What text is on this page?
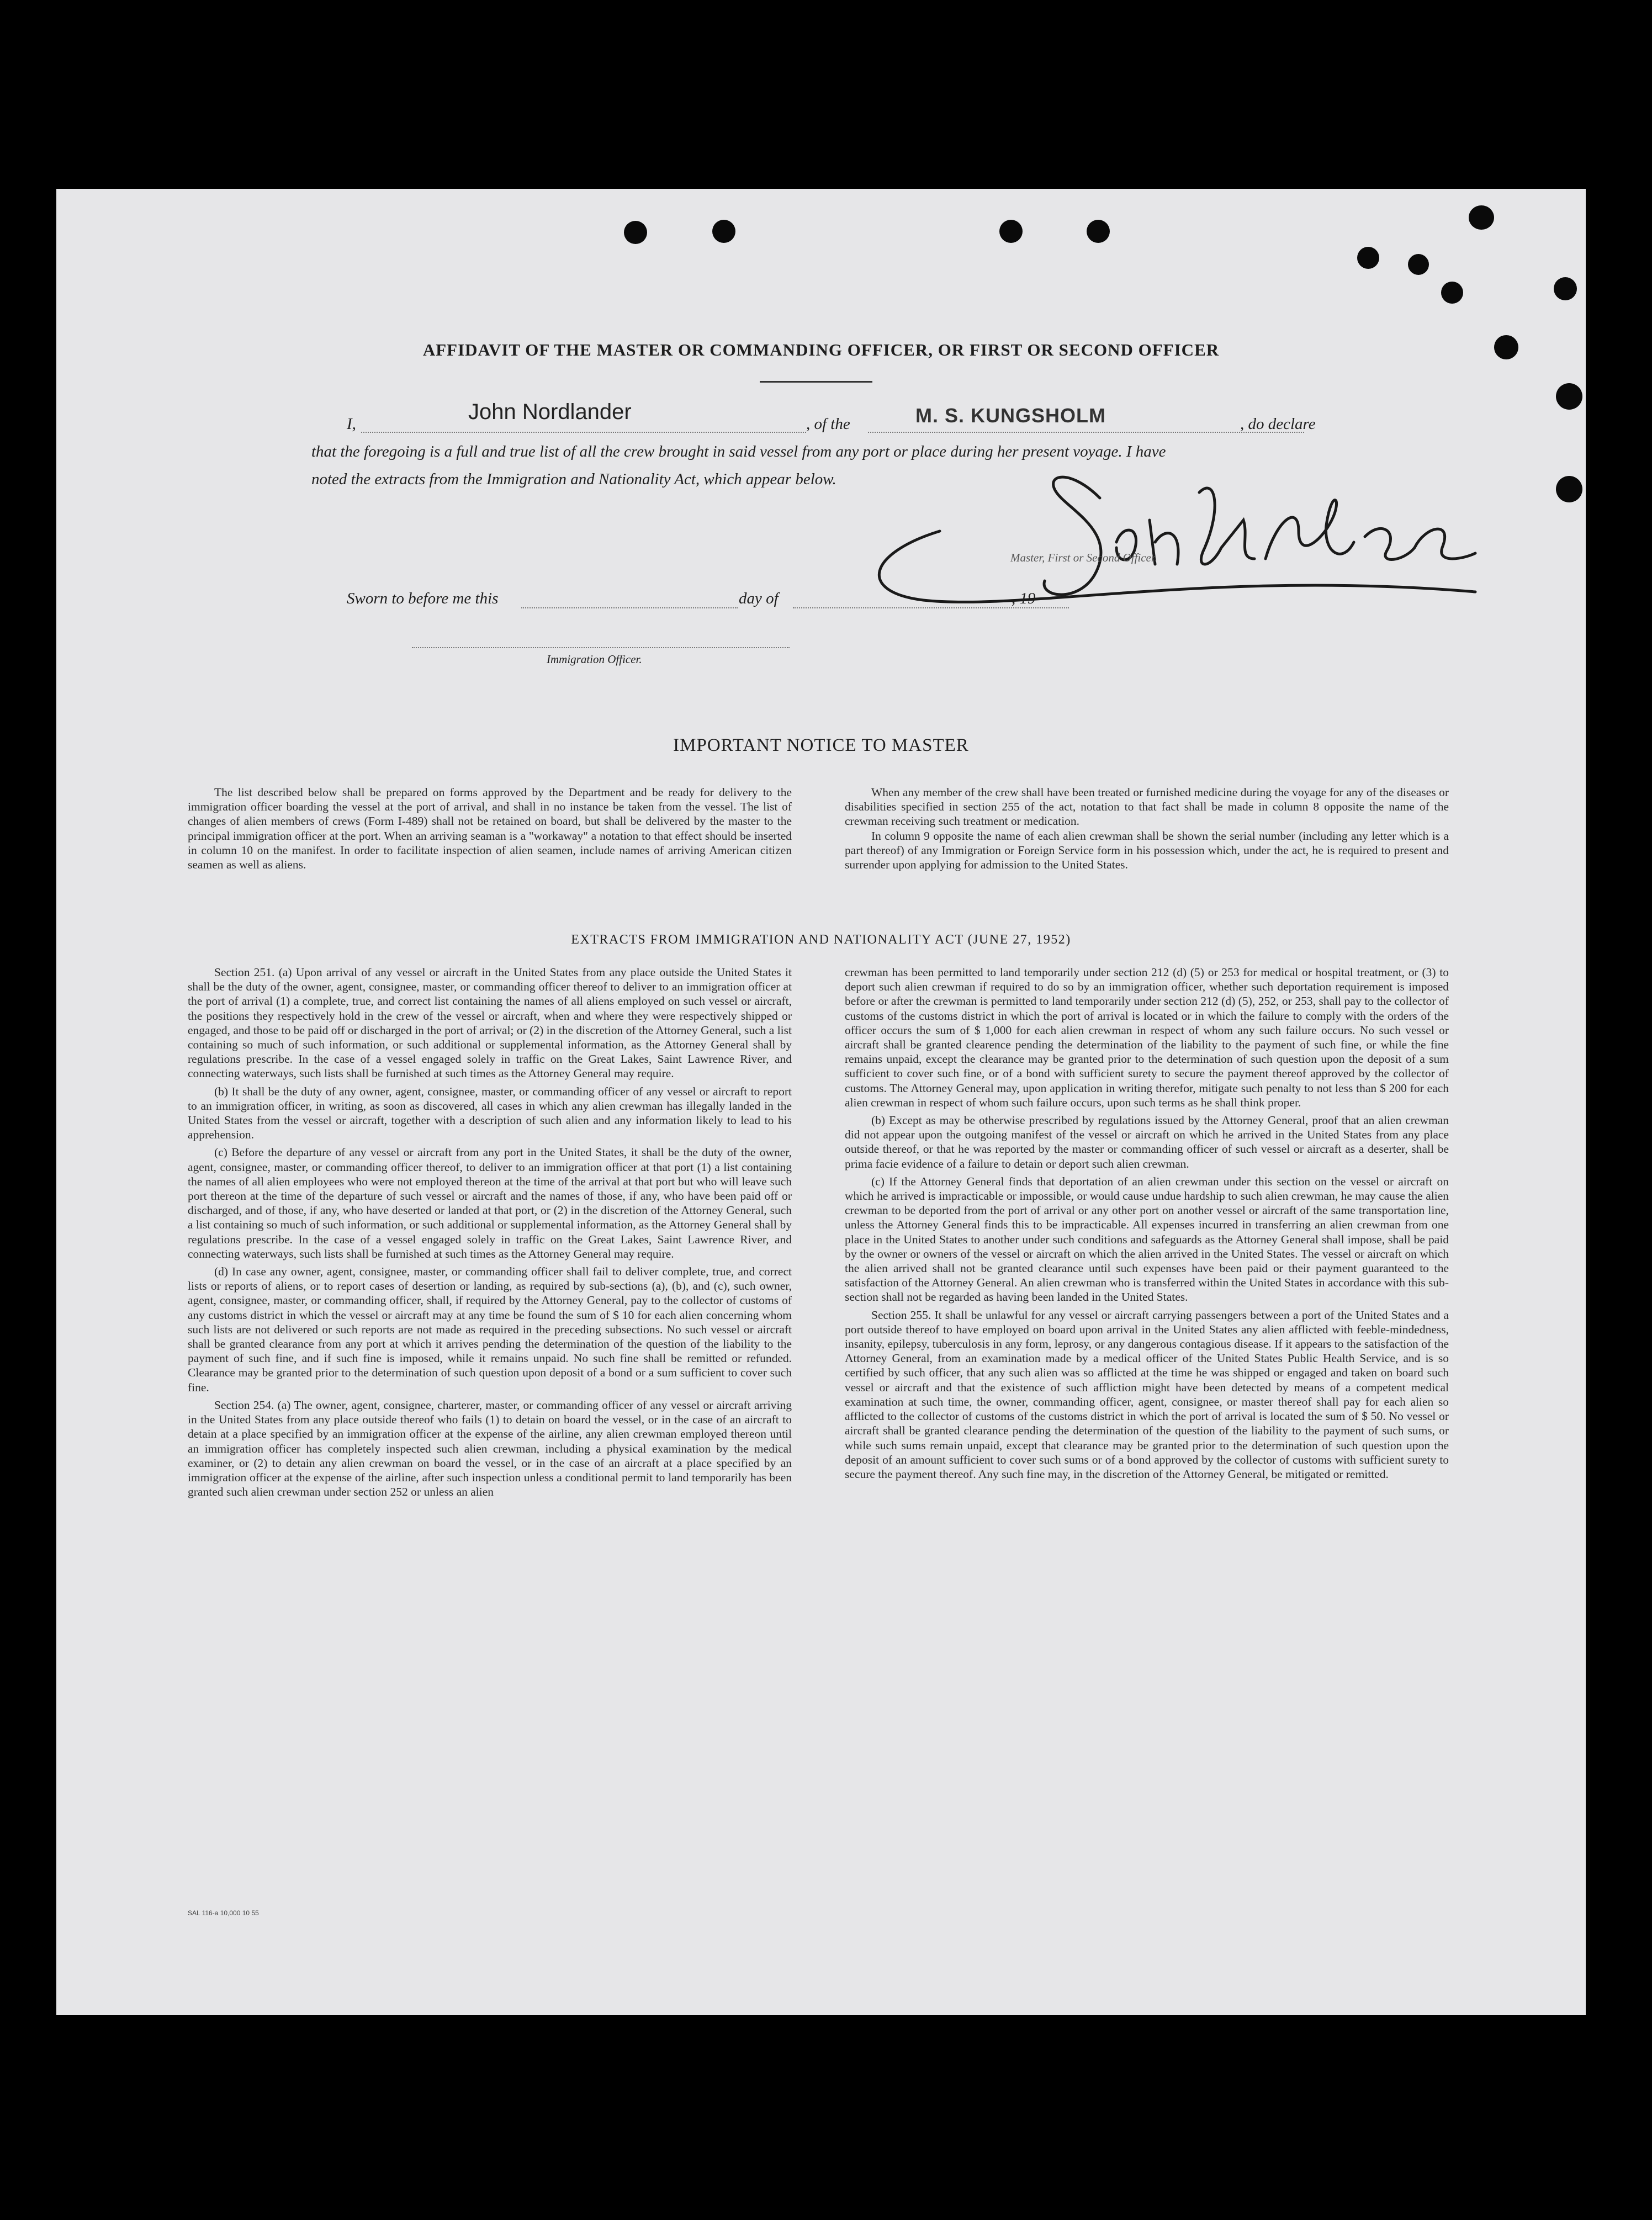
AFFIDAVIT OF THE MASTER OR COMMANDING OFFICER, OR FIRST OR SECOND OFFICER
I,	John Nordlander	, of the	M. S. KUNGSHOLM	, do declare
that the foregoing is a full and true list of all the crew brought in said vessel from any port or place during her present voyage. I have
noted the extracts from the Immigration and Nationality Act, which appear below.
Master, First or Second Officer.
Sworn to before me this	day of	, 19
Immigration Officer.
IMPORTANT NOTICE TO MASTER

The list described below shall be prepared on forms approved by the Department and be ready for delivery to the immigration officer boarding the vessel at the port of arrival, and shall in no instance be taken from the vessel. The list of changes of alien members of crews (Form I-489) shall not be retained on board, but shall be delivered by the master to the principal immigration officer at the port. When an arriving seaman is a "workaway" a notation to that effect should be inserted in column 10 on the manifest. In order to facilitate inspection of alien seamen, include names of arriving American citizen seamen as well as aliens.

When any member of the crew shall have been treated or furnished medicine during the voyage for any of the diseases or disabilities specified in section 255 of the act, notation to that fact shall be made in column 8 opposite the name of the crewman receiving such treatment or medication.

In column 9 opposite the name of each alien crewman shall be shown the serial number (including any letter which is a part thereof) of any Immigration or Foreign Service form in his possession which, under the act, he is required to present and surrender upon applying for admission to the United States.

EXTRACTS FROM IMMIGRATION AND NATIONALITY ACT (JUNE 27, 1952)

Section 251. (a) Upon arrival of any vessel or aircraft in the United States from any place outside the United States it shall be the duty of the owner, agent, consignee, master, or commanding officer thereof to deliver to an immigration officer at the port of arrival (1) a complete, true, and correct list containing the names of all aliens employed on such vessel or aircraft, the positions they respectively hold in the crew of the vessel or aircraft, when and where they were respectively shipped or engaged, and those to be paid off or discharged in the port of arrival; or (2) in the discretion of the Attorney General, such a list containing so much of such information, or such additional or supplemental information, as the Attorney General shall by regulations prescribe. In the case of a vessel engaged solely in traffic on the Great Lakes, Saint Lawrence River, and connecting waterways, such lists shall be furnished at such times as the Attorney General may require.

(b) It shall be the duty of any owner, agent, consignee, master, or commanding officer of any vessel or aircraft to report to an immigration officer, in writing, as soon as discovered, all cases in which any alien crewman has illegally landed in the United States from the vessel or aircraft, together with a description of such alien and any information likely to lead to his apprehension.

(c) Before the departure of any vessel or aircraft from any port in the United States, it shall be the duty of the owner, agent, consignee, master, or commanding officer thereof, to deliver to an immigration officer at that port (1) a list containing the names of all alien employees who were not employed thereon at the time of the arrival at that port but who will leave such port thereon at the time of the departure of such vessel or aircraft and the names of those, if any, who have been paid off or discharged, and of those, if any, who have deserted or landed at that port, or (2) in the discretion of the Attorney General, such a list containing so much of such information, or such additional or supplemental information, as the Attorney General shall by regulations prescribe. In the case of a vessel engaged solely in traffic on the Great Lakes, Saint Lawrence River, and connecting waterways, such lists shall be furnished at such times as the Attorney General may require.

(d) In case any owner, agent, consignee, master, or commanding officer shall fail to deliver complete, true, and correct lists or reports of aliens, or to report cases of desertion or landing, as required by sub-sections (a), (b), and (c), such owner, agent, consignee, master, or commanding officer, shall, if required by the Attorney General, pay to the collector of customs of any customs district in which the vessel or aircraft may at any time be found the sum of $ 10 for each alien concerning whom such lists are not delivered or such reports are not made as required in the preceding subsections. No such vessel or aircraft shall be granted clearance from any port at which it arrives pending the determination of the question of the liability to the payment of such fine, and if such fine is imposed, while it remains unpaid. No such fine shall be remitted or refunded. Clearance may be granted prior to the determination of such question upon deposit of a bond or a sum sufficient to cover such fine.

Section 254. (a) The owner, agent, consignee, charterer, master, or commanding officer of any vessel or aircraft arriving in the United States from any place outside thereof who fails (1) to detain on board the vessel, or in the case of an aircraft to detain at a place specified by an immigration officer at the expense of the airline, any alien crewman employed thereon until an immigration officer has completely inspected such alien crewman, including a physical examination by the medical examiner, or (2) to detain any alien crewman on board the vessel, or in the case of an aircraft at a place specified by an immigration officer at the expense of the airline, after such inspection unless a conditional permit to land temporarily has been granted such alien crewman under section 252 or unless an alien

crewman has been permitted to land temporarily under section 212 (d) (5) or 253 for medical or hospital treatment, or (3) to deport such alien crewman if required to do so by an immigration officer, whether such deportation requirement is imposed before or after the crewman is permitted to land temporarily under section 212 (d) (5), 252, or 253, shall pay to the collector of customs of the customs district in which the port of arrival is located or in which the failure to comply with the orders of the officer occurs the sum of $ 1,000 for each alien crewman in respect of whom any such failure occurs. No such vessel or aircraft shall be granted clearence pending the determination of the liability to the payment of such fine, or while the fine remains unpaid, except the clearance may be granted prior to the determination of such question upon the deposit of a sum sufficient to cover such fine, or of a bond with sufficient surety to secure the payment thereof approved by the collector of customs. The Attorney General may, upon application in writing therefor, mitigate such penalty to not less than $ 200 for each alien crewman in respect of whom such failure occurs, upon such terms as he shall think proper.

(b) Except as may be otherwise prescribed by regulations issued by the Attorney General, proof that an alien crewman did not appear upon the outgoing manifest of the vessel or aircraft on which he arrived in the United States from any place outside thereof, or that he was reported by the master or commanding officer of such vessel or aircraft as a deserter, shall be prima facie evidence of a failure to detain or deport such alien crewman.

(c) If the Attorney General finds that deportation of an alien crewman under this section on the vessel or aircraft on which he arrived is impracticable or impossible, or would cause undue hardship to such alien crewman, he may cause the alien crewman to be deported from the port of arrival or any other port on another vessel or aircraft of the same transportation line, unless the Attorney General finds this to be impracticable. All expenses incurred in transferring an alien crewman from one place in the United States to another under such conditions and safeguards as the Attorney General shall impose, shall be paid by the owner or owners of the vessel or aircraft on which the alien arrived in the United States. The vessel or aircraft on which the alien arrived shall not be granted clearance until such expenses have been paid or their payment guaranteed to the satisfaction of the Attorney General. An alien crewman who is transferred within the United States in accordance with this sub-section shall not be regarded as having been landed in the United States.

Section 255. It shall be unlawful for any vessel or aircraft carrying passengers between a port of the United States and a port outside thereof to have employed on board upon arrival in the United States any alien afflicted with feeble-mindedness, insanity, epilepsy, tuberculosis in any form, leprosy, or any dangerous contagious disease. If it appears to the satisfaction of the Attorney General, from an examination made by a medical officer of the United States Public Health Service, and is so certified by such officer, that any such alien was so afflicted at the time he was shipped or engaged and taken on board such vessel or aircraft and that the existence of such affliction might have been detected by means of a competent medical examination at such time, the owner, commanding officer, agent, consignee, or master thereof shall pay for each alien so afflicted to the collector of customs of the customs district in which the port of arrival is located the sum of $ 50. No vessel or aircraft shall be granted clearance pending the determination of the question of the liability to the payment of such sums, or while such sums remain unpaid, except that clearance may be granted prior to the determination of such question upon the deposit of an amount sufficient to cover such sums or of a bond approved by the collector of customs with sufficient surety to secure the payment thereof. Any such fine may, in the discretion of the Attorney General, be mitigated or remitted.

SAL 116-a 10,000 10 55
